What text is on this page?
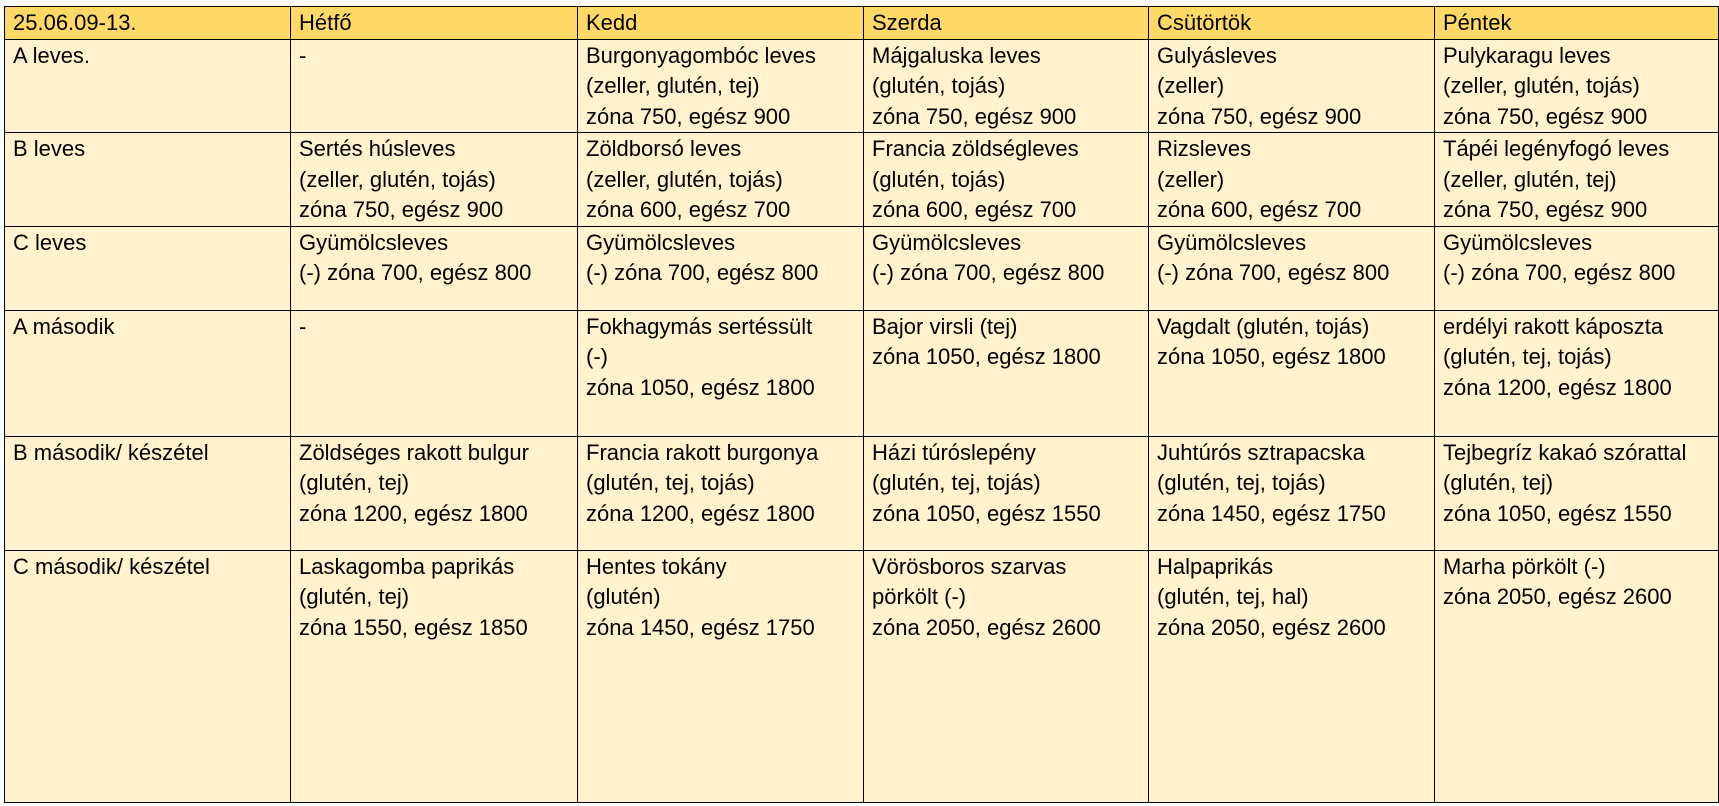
25.06.09-13.	Hétfő	Kedd	Szerda	Csütörtök	Péntek
A leves.	-	Burgonyagombóc leves
(zeller, glutén, tej)
zóna 750, egész 900	Májgaluska leves
(glutén, tojás)
zóna 750, egész 900	Gulyásleves
(zeller)
zóna 750, egész 900	Pulykaragu leves
(zeller, glutén, tojás)
zóna 750, egész 900

B leves	Sertés húsleves
(zeller, glutén, tojás)
zóna 750, egész 900	Zöldborsó leves
(zeller, glutén, tojás)
zóna 600, egész 700	Francia zöldségleves
(glutén, tojás)
zóna 600, egész 700	Rizsleves
(zeller)
zóna 600, egész 700	Tápéi legényfogó leves
(zeller, glutén, tej)
zóna 750, egész 900

C leves	Gyümölcsleves
(-) zóna 700, egész 800	Gyümölcsleves
(-) zóna 700, egész 800	Gyümölcsleves
(-) zóna 700, egész 800	Gyümölcsleves
(-) zóna 700, egész 800	Gyümölcsleves
(-) zóna 700, egész 800

A második	-	Fokhagymás sertéssült
(-)
zóna 1050, egész 1800	Bajor virsli (tej)
zóna 1050, egész 1800	Vagdalt (glutén, tojás)
zóna 1050, egész 1800	erdélyi rakott káposzta
(glutén, tej, tojás)
zóna 1200, egész 1800

B második/ készétel	Zöldséges rakott bulgur
(glutén, tej)
zóna 1200, egész 1800	Francia rakott burgonya
(glutén, tej, tojás)
zóna 1200, egész 1800	Házi túróslepény
(glutén, tej, tojás)
zóna 1050, egész 1550	Juhtúrós sztrapacska
(glutén, tej, tojás)
zóna 1450, egész 1750	Tejbegríz kakaó szórattal
(glutén, tej)
zóna 1050, egész 1550

C második/ készétel	Laskagomba paprikás
(glutén, tej)
zóna 1550, egész 1850	Hentes tokány
(glutén)
zóna 1450, egész 1750	Vörösboros szarvas
pörkölt (-)
zóna 2050, egész 2600	Halpaprikás
(glutén, tej, hal)
zóna 2050, egész 2600	Marha pörkölt (-)
zóna 2050, egész 2600
